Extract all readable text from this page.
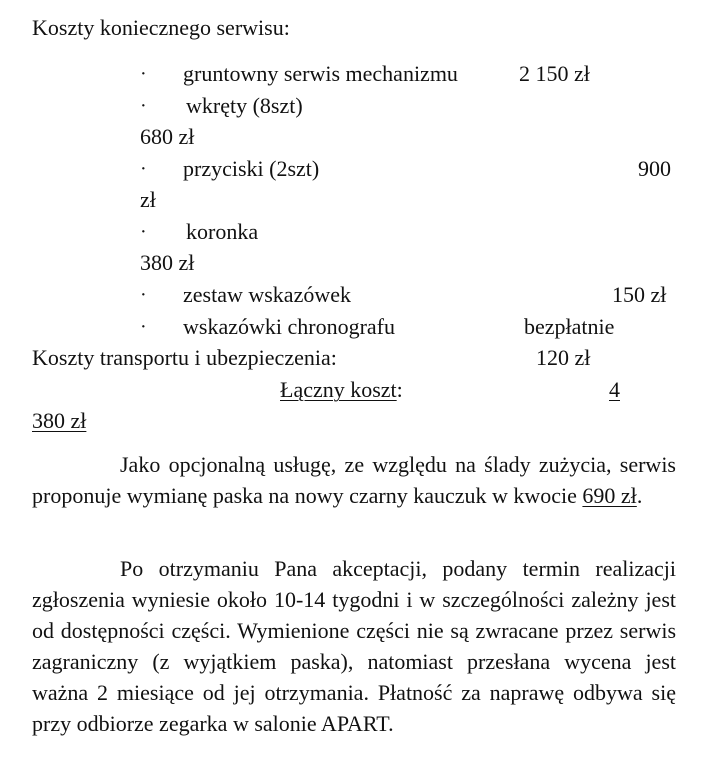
Koszty koniecznego serwisu:
· gruntowny serwis mechanizmu	2 150 zł
· wkręty (8szt)
680 zł
· przyciski (2szt)	900
zł
· koronka
380 zł
· zestaw wskazówek	150 zł
· wskazówki chronografu	bezpłatnie
Koszty transportu i ubezpieczenia:	120 zł
Łączny koszt:	4
380 zł
Jako opcjonalną usługę, ze względu na ślady zużycia, serwis proponuje wymianę paska na nowy czarny kauczuk w kwocie 690 zł.
Po otrzymaniu Pana akceptacji, podany termin realizacji zgłoszenia wyniesie około 10-14 tygodni i w szczególności zależny jest od dostępności części. Wymienione części nie są zwracane przez serwis zagraniczny (z wyjątkiem paska), natomiast przesłana wycena jest ważna 2 miesiące od jej otrzymania. Płatność za naprawę odbywa się przy odbiorze zegarka w salonie APART.
